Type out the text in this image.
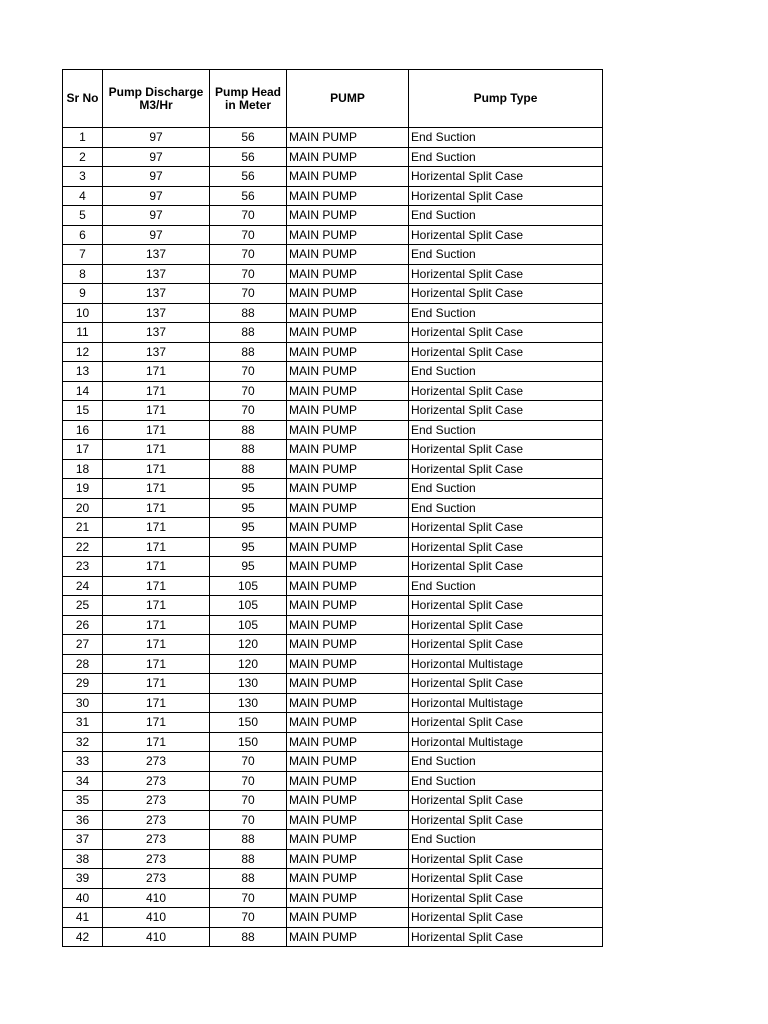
Sr No	Pump Discharge M3/Hr	Pump Head in Meter	PUMP	Pump Type
1	97	56	MAIN PUMP	End Suction
2	97	56	MAIN PUMP	End Suction
3	97	56	MAIN PUMP	Horizental Split Case
4	97	56	MAIN PUMP	Horizental Split Case
5	97	70	MAIN PUMP	End Suction
6	97	70	MAIN PUMP	Horizental Split Case
7	137	70	MAIN PUMP	End Suction
8	137	70	MAIN PUMP	Horizental Split Case
9	137	70	MAIN PUMP	Horizental Split Case
10	137	88	MAIN PUMP	End Suction
11	137	88	MAIN PUMP	Horizental Split Case
12	137	88	MAIN PUMP	Horizental Split Case
13	171	70	MAIN PUMP	End Suction
14	171	70	MAIN PUMP	Horizental Split Case
15	171	70	MAIN PUMP	Horizental Split Case
16	171	88	MAIN PUMP	End Suction
17	171	88	MAIN PUMP	Horizental Split Case
18	171	88	MAIN PUMP	Horizental Split Case
19	171	95	MAIN PUMP	End Suction
20	171	95	MAIN PUMP	End Suction
21	171	95	MAIN PUMP	Horizental Split Case
22	171	95	MAIN PUMP	Horizental Split Case
23	171	95	MAIN PUMP	Horizental Split Case
24	171	105	MAIN PUMP	End Suction
25	171	105	MAIN PUMP	Horizental Split Case
26	171	105	MAIN PUMP	Horizental Split Case
27	171	120	MAIN PUMP	Horizental Split Case
28	171	120	MAIN PUMP	Horizontal Multistage
29	171	130	MAIN PUMP	Horizental Split Case
30	171	130	MAIN PUMP	Horizontal Multistage
31	171	150	MAIN PUMP	Horizental Split Case
32	171	150	MAIN PUMP	Horizontal Multistage
33	273	70	MAIN PUMP	End Suction
34	273	70	MAIN PUMP	End Suction
35	273	70	MAIN PUMP	Horizental Split Case
36	273	70	MAIN PUMP	Horizental Split Case
37	273	88	MAIN PUMP	End Suction
38	273	88	MAIN PUMP	Horizental Split Case
39	273	88	MAIN PUMP	Horizental Split Case
40	410	70	MAIN PUMP	Horizental Split Case
41	410	70	MAIN PUMP	Horizental Split Case
42	410	88	MAIN PUMP	Horizental Split Case
